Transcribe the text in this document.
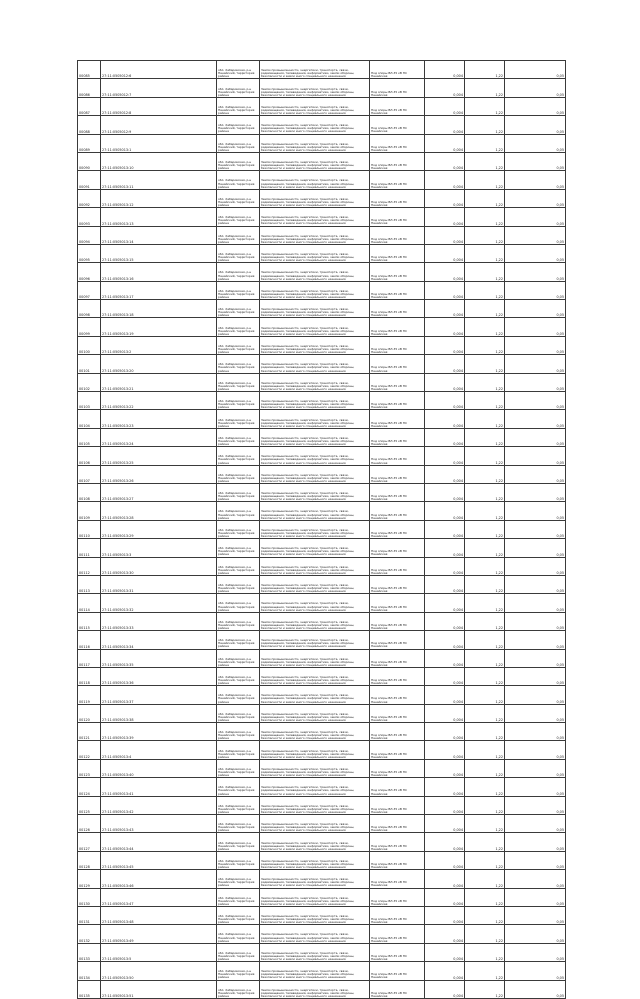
00085	27:11:0505012:6	обл. Хабаровская, р-н Нанайский, территория района	Земли промышленности, энергетики, транспорта, связи, радиовещания, телевидения, информатики, земли обороны, безопасности и земли иного специального назначения	Под опоры ВЛ-35 кВ ПС Нанайская	0,004	1,22	0,05

00086	27:11:0505012:7	обл. Хабаровская, р-н Нанайский, территория района	Земли промышленности, энергетики, транспорта, связи, радиовещания, телевидения, информатики, земли обороны, безопасности и земли иного специального назначения	Под опоры ВЛ-35 кВ ПС Нанайская	0,004	1,22	0,05

00087	27:11:0505012:8	обл. Хабаровская, р-н Нанайский, территория района	Земли промышленности, энергетики, транспорта, связи, радиовещания, телевидения, информатики, земли обороны, безопасности и земли иного специального назначения	Под опоры ВЛ-35 кВ ПС Нанайская	0,004	1,22	0,05

00088	27:11:0505012:9	обл. Хабаровская, р-н Нанайский, территория района	Земли промышленности, энергетики, транспорта, связи, радиовещания, телевидения, информатики, земли обороны, безопасности и земли иного специального назначения	Под опоры ВЛ-35 кВ ПС Нанайская	0,004	1,22	0,05

00089	27:11:0505013:1	обл. Хабаровская, р-н Нанайский, территория района	Земли промышленности, энергетики, транспорта, связи, радиовещания, телевидения, информатики, земли обороны, безопасности и земли иного специального назначения	Под опоры ВЛ-35 кВ ПС Нанайская	0,004	1,22	0,05

00090	27:11:0505013:10	обл. Хабаровская, р-н Нанайский, территория района	Земли промышленности, энергетики, транспорта, связи, радиовещания, телевидения, информатики, земли обороны, безопасности и земли иного специального назначения	Под опоры ВЛ-35 кВ ПС Нанайская	0,004	1,22	0,05

00091	27:11:0505013:11	обл. Хабаровская, р-н Нанайский, территория района	Земли промышленности, энергетики, транспорта, связи, радиовещания, телевидения, информатики, земли обороны, безопасности и земли иного специального назначения	Под опоры ВЛ-35 кВ ПС Нанайская	0,004	1,22	0,05

00092	27:11:0505013:12	обл. Хабаровская, р-н Нанайский, территория района	Земли промышленности, энергетики, транспорта, связи, радиовещания, телевидения, информатики, земли обороны, безопасности и земли иного специального назначения	Под опоры ВЛ-35 кВ ПС Нанайская	0,004	1,22	0,05

00093	27:11:0505013:13	обл. Хабаровская, р-н Нанайский, территория района	Земли промышленности, энергетики, транспорта, связи, радиовещания, телевидения, информатики, земли обороны, безопасности и земли иного специального назначения	Под опоры ВЛ-35 кВ ПС Нанайская	0,004	1,22	0,05

00094	27:11:0505013:14	обл. Хабаровская, р-н Нанайский, территория района	Земли промышленности, энергетики, транспорта, связи, радиовещания, телевидения, информатики, земли обороны, безопасности и земли иного специального назначения	Под опоры ВЛ-35 кВ ПС Нанайская	0,004	1,22	0,05

00095	27:11:0505013:15	обл. Хабаровская, р-н Нанайский, территория района	Земли промышленности, энергетики, транспорта, связи, радиовещания, телевидения, информатики, земли обороны, безопасности и земли иного специального назначения	Под опоры ВЛ-35 кВ ПС Нанайская	0,004	1,22	0,05

00096	27:11:0505013:16	обл. Хабаровская, р-н Нанайский, территория района	Земли промышленности, энергетики, транспорта, связи, радиовещания, телевидения, информатики, земли обороны, безопасности и земли иного специального назначения	Под опоры ВЛ-35 кВ ПС Нанайская	0,004	1,22	0,05

00097	27:11:0505013:17	обл. Хабаровская, р-н Нанайский, территория района	Земли промышленности, энергетики, транспорта, связи, радиовещания, телевидения, информатики, земли обороны, безопасности и земли иного специального назначения	Под опоры ВЛ-35 кВ ПС Нанайская	0,004	1,22	0,05

00098	27:11:0505013:18	обл. Хабаровская, р-н Нанайский, территория района	Земли промышленности, энергетики, транспорта, связи, радиовещания, телевидения, информатики, земли обороны, безопасности и земли иного специального назначения	Под опоры ВЛ-35 кВ ПС Нанайская	0,004	1,22	0,05

00099	27:11:0505013:19	обл. Хабаровская, р-н Нанайский, территория района	Земли промышленности, энергетики, транспорта, связи, радиовещания, телевидения, информатики, земли обороны, безопасности и земли иного специального назначения	Под опоры ВЛ-35 кВ ПС Нанайская	0,004	1,22	0,05

00100	27:11:0505013:2	обл. Хабаровская, р-н Нанайский, территория района	Земли промышленности, энергетики, транспорта, связи, радиовещания, телевидения, информатики, земли обороны, безопасности и земли иного специального назначения	Под опоры ВЛ-35 кВ ПС Нанайская	0,004	1,22	0,05

00101	27:11:0505013:20	обл. Хабаровская, р-н Нанайский, территория района	Земли промышленности, энергетики, транспорта, связи, радиовещания, телевидения, информатики, земли обороны, безопасности и земли иного специального назначения	Под опоры ВЛ-35 кВ ПС Нанайская	0,004	1,22	0,05

00102	27:11:0505013:21	обл. Хабаровская, р-н Нанайский, территория района	Земли промышленности, энергетики, транспорта, связи, радиовещания, телевидения, информатики, земли обороны, безопасности и земли иного специального назначения	Под опоры ВЛ-35 кВ ПС Нанайская	0,004	1,22	0,05

00103	27:11:0505013:22	обл. Хабаровская, р-н Нанайский, территория района	Земли промышленности, энергетики, транспорта, связи, радиовещания, телевидения, информатики, земли обороны, безопасности и земли иного специального назначения	Под опоры ВЛ-35 кВ ПС Нанайская	0,004	1,22	0,05

00104	27:11:0505013:23	обл. Хабаровская, р-н Нанайский, территория района	Земли промышленности, энергетики, транспорта, связи, радиовещания, телевидения, информатики, земли обороны, безопасности и земли иного специального назначения	Под опоры ВЛ-35 кВ ПС Нанайская	0,004	1,22	0,05

00105	27:11:0505013:24	обл. Хабаровская, р-н Нанайский, территория района	Земли промышленности, энергетики, транспорта, связи, радиовещания, телевидения, информатики, земли обороны, безопасности и земли иного специального назначения	Под опоры ВЛ-35 кВ ПС Нанайская	0,004	1,22	0,05

00106	27:11:0505013:25	обл. Хабаровская, р-н Нанайский, территория района	Земли промышленности, энергетики, транспорта, связи, радиовещания, телевидения, информатики, земли обороны, безопасности и земли иного специального назначения	Под опоры ВЛ-35 кВ ПС Нанайская	0,004	1,22	0,05

00107	27:11:0505013:26	обл. Хабаровская, р-н Нанайский, территория района	Земли промышленности, энергетики, транспорта, связи, радиовещания, телевидения, информатики, земли обороны, безопасности и земли иного специального назначения	Под опоры ВЛ-35 кВ ПС Нанайская	0,004	1,22	0,05

00108	27:11:0505013:27	обл. Хабаровская, р-н Нанайский, территория района	Земли промышленности, энергетики, транспорта, связи, радиовещания, телевидения, информатики, земли обороны, безопасности и земли иного специального назначения	Под опоры ВЛ-35 кВ ПС Нанайская	0,004	1,22	0,05

00109	27:11:0505013:28	обл. Хабаровская, р-н Нанайский, территория района	Земли промышленности, энергетики, транспорта, связи, радиовещания, телевидения, информатики, земли обороны, безопасности и земли иного специального назначения	Под опоры ВЛ-35 кВ ПС Нанайская	0,004	1,22	0,05

00110	27:11:0505013:29	обл. Хабаровская, р-н Нанайский, территория района	Земли промышленности, энергетики, транспорта, связи, радиовещания, телевидения, информатики, земли обороны, безопасности и земли иного специального назначения	Под опоры ВЛ-35 кВ ПС Нанайская	0,004	1,22	0,05

00111	27:11:0505013:3	обл. Хабаровская, р-н Нанайский, территория района	Земли промышленности, энергетики, транспорта, связи, радиовещания, телевидения, информатики, земли обороны, безопасности и земли иного специального назначения	Под опоры ВЛ-35 кВ ПС Нанайская	0,004	1,22	0,05

00112	27:11:0505013:30	обл. Хабаровская, р-н Нанайский, территория района	Земли промышленности, энергетики, транспорта, связи, радиовещания, телевидения, информатики, земли обороны, безопасности и земли иного специального назначения	Под опоры ВЛ-35 кВ ПС Нанайская	0,004	1,22	0,05

00113	27:11:0505013:31	обл. Хабаровская, р-н Нанайский, территория района	Земли промышленности, энергетики, транспорта, связи, радиовещания, телевидения, информатики, земли обороны, безопасности и земли иного специального назначения	Под опоры ВЛ-35 кВ ПС Нанайская	0,004	1,22	0,05

00114	27:11:0505013:32	обл. Хабаровская, р-н Нанайский, территория района	Земли промышленности, энергетики, транспорта, связи, радиовещания, телевидения, информатики, земли обороны, безопасности и земли иного специального назначения	Под опоры ВЛ-35 кВ ПС Нанайская	0,004	1,22	0,05

00115	27:11:0505013:33	обл. Хабаровская, р-н Нанайский, территория района	Земли промышленности, энергетики, транспорта, связи, радиовещания, телевидения, информатики, земли обороны, безопасности и земли иного специального назначения	Под опоры ВЛ-35 кВ ПС Нанайская	0,004	1,22	0,05

00116	27:11:0505013:34	обл. Хабаровская, р-н Нанайский, территория района	Земли промышленности, энергетики, транспорта, связи, радиовещания, телевидения, информатики, земли обороны, безопасности и земли иного специального назначения	Под опоры ВЛ-35 кВ ПС Нанайская	0,004	1,22	0,05

00117	27:11:0505013:35	обл. Хабаровская, р-н Нанайский, территория района	Земли промышленности, энергетики, транспорта, связи, радиовещания, телевидения, информатики, земли обороны, безопасности и земли иного специального назначения	Под опоры ВЛ-35 кВ ПС Нанайская	0,004	1,22	0,05

00118	27:11:0505013:36	обл. Хабаровская, р-н Нанайский, территория района	Земли промышленности, энергетики, транспорта, связи, радиовещания, телевидения, информатики, земли обороны, безопасности и земли иного специального назначения	Под опоры ВЛ-35 кВ ПС Нанайская	0,004	1,22	0,05

00119	27:11:0505013:37	обл. Хабаровская, р-н Нанайский, территория района	Земли промышленности, энергетики, транспорта, связи, радиовещания, телевидения, информатики, земли обороны, безопасности и земли иного специального назначения	Под опоры ВЛ-35 кВ ПС Нанайская	0,004	1,22	0,05

00120	27:11:0505013:38	обл. Хабаровская, р-н Нанайский, территория района	Земли промышленности, энергетики, транспорта, связи, радиовещания, телевидения, информатики, земли обороны, безопасности и земли иного специального назначения	Под опоры ВЛ-35 кВ ПС Нанайская	0,004	1,22	0,05

00121	27:11:0505013:39	обл. Хабаровская, р-н Нанайский, территория района	Земли промышленности, энергетики, транспорта, связи, радиовещания, телевидения, информатики, земли обороны, безопасности и земли иного специального назначения	Под опоры ВЛ-35 кВ ПС Нанайская	0,004	1,22	0,05

00122	27:11:0505013:4	обл. Хабаровская, р-н Нанайский, территория района	Земли промышленности, энергетики, транспорта, связи, радиовещания, телевидения, информатики, земли обороны, безопасности и земли иного специального назначения	Под опоры ВЛ-35 кВ ПС Нанайская	0,004	1,22	0,05

00123	27:11:0505013:40	обл. Хабаровская, р-н Нанайский, территория района	Земли промышленности, энергетики, транспорта, связи, радиовещания, телевидения, информатики, земли обороны, безопасности и земли иного специального назначения	Под опоры ВЛ-35 кВ ПС Нанайская	0,004	1,22	0,05

00124	27:11:0505013:41	обл. Хабаровская, р-н Нанайский, территория района	Земли промышленности, энергетики, транспорта, связи, радиовещания, телевидения, информатики, земли обороны, безопасности и земли иного специального назначения	Под опоры ВЛ-35 кВ ПС Нанайская	0,004	1,22	0,05

00125	27:11:0505013:42	обл. Хабаровская, р-н Нанайский, территория района	Земли промышленности, энергетики, транспорта, связи, радиовещания, телевидения, информатики, земли обороны, безопасности и земли иного специального назначения	Под опоры ВЛ-35 кВ ПС Нанайская	0,004	1,22	0,05

00126	27:11:0505013:43	обл. Хабаровская, р-н Нанайский, территория района	Земли промышленности, энергетики, транспорта, связи, радиовещания, телевидения, информатики, земли обороны, безопасности и земли иного специального назначения	Под опоры ВЛ-35 кВ ПС Нанайская	0,004	1,22	0,05

00127	27:11:0505013:44	обл. Хабаровская, р-н Нанайский, территория района	Земли промышленности, энергетики, транспорта, связи, радиовещания, телевидения, информатики, земли обороны, безопасности и земли иного специального назначения	Под опоры ВЛ-35 кВ ПС Нанайская	0,004	1,22	0,05

00128	27:11:0505013:45	обл. Хабаровская, р-н Нанайский, территория района	Земли промышленности, энергетики, транспорта, связи, радиовещания, телевидения, информатики, земли обороны, безопасности и земли иного специального назначения	Под опоры ВЛ-35 кВ ПС Нанайская	0,004	1,22	0,05

00129	27:11:0505013:46	обл. Хабаровская, р-н Нанайский, территория района	Земли промышленности, энергетики, транспорта, связи, радиовещания, телевидения, информатики, земли обороны, безопасности и земли иного специального назначения	Под опоры ВЛ-35 кВ ПС Нанайская	0,004	1,22	0,05

00130	27:11:0505013:47	обл. Хабаровская, р-н Нанайский, территория района	Земли промышленности, энергетики, транспорта, связи, радиовещания, телевидения, информатики, земли обороны, безопасности и земли иного специального назначения	Под опоры ВЛ-35 кВ ПС Нанайская	0,004	1,22	0,05

00131	27:11:0505013:48	обл. Хабаровская, р-н Нанайский, территория района	Земли промышленности, энергетики, транспорта, связи, радиовещания, телевидения, информатики, земли обороны, безопасности и земли иного специального назначения	Под опоры ВЛ-35 кВ ПС Нанайская	0,004	1,22	0,05

00132	27:11:0505013:49	обл. Хабаровская, р-н Нанайский, территория района	Земли промышленности, энергетики, транспорта, связи, радиовещания, телевидения, информатики, земли обороны, безопасности и земли иного специального назначения	Под опоры ВЛ-35 кВ ПС Нанайская	0,004	1,22	0,05

00133	27:11:0505013:5	обл. Хабаровская, р-н Нанайский, территория района	Земли промышленности, энергетики, транспорта, связи, радиовещания, телевидения, информатики, земли обороны, безопасности и земли иного специального назначения	Под опоры ВЛ-35 кВ ПС Нанайская	0,004	1,22	0,05

00134	27:11:0505013:50	обл. Хабаровская, р-н Нанайский, территория района	Земли промышленности, энергетики, транспорта, связи, радиовещания, телевидения, информатики, земли обороны, безопасности и земли иного специального назначения	Под опоры ВЛ-35 кВ ПС Нанайская	0,004	1,22	0,05

00135	27:11:0505013:51	обл. Хабаровская, р-н Нанайский, территория района	Земли промышленности, энергетики, транспорта, связи, радиовещания, телевидения, информатики, земли обороны, безопасности и земли иного специального назначения	Под опоры ВЛ-35 кВ ПС Нанайская	0,004	1,22	0,05
